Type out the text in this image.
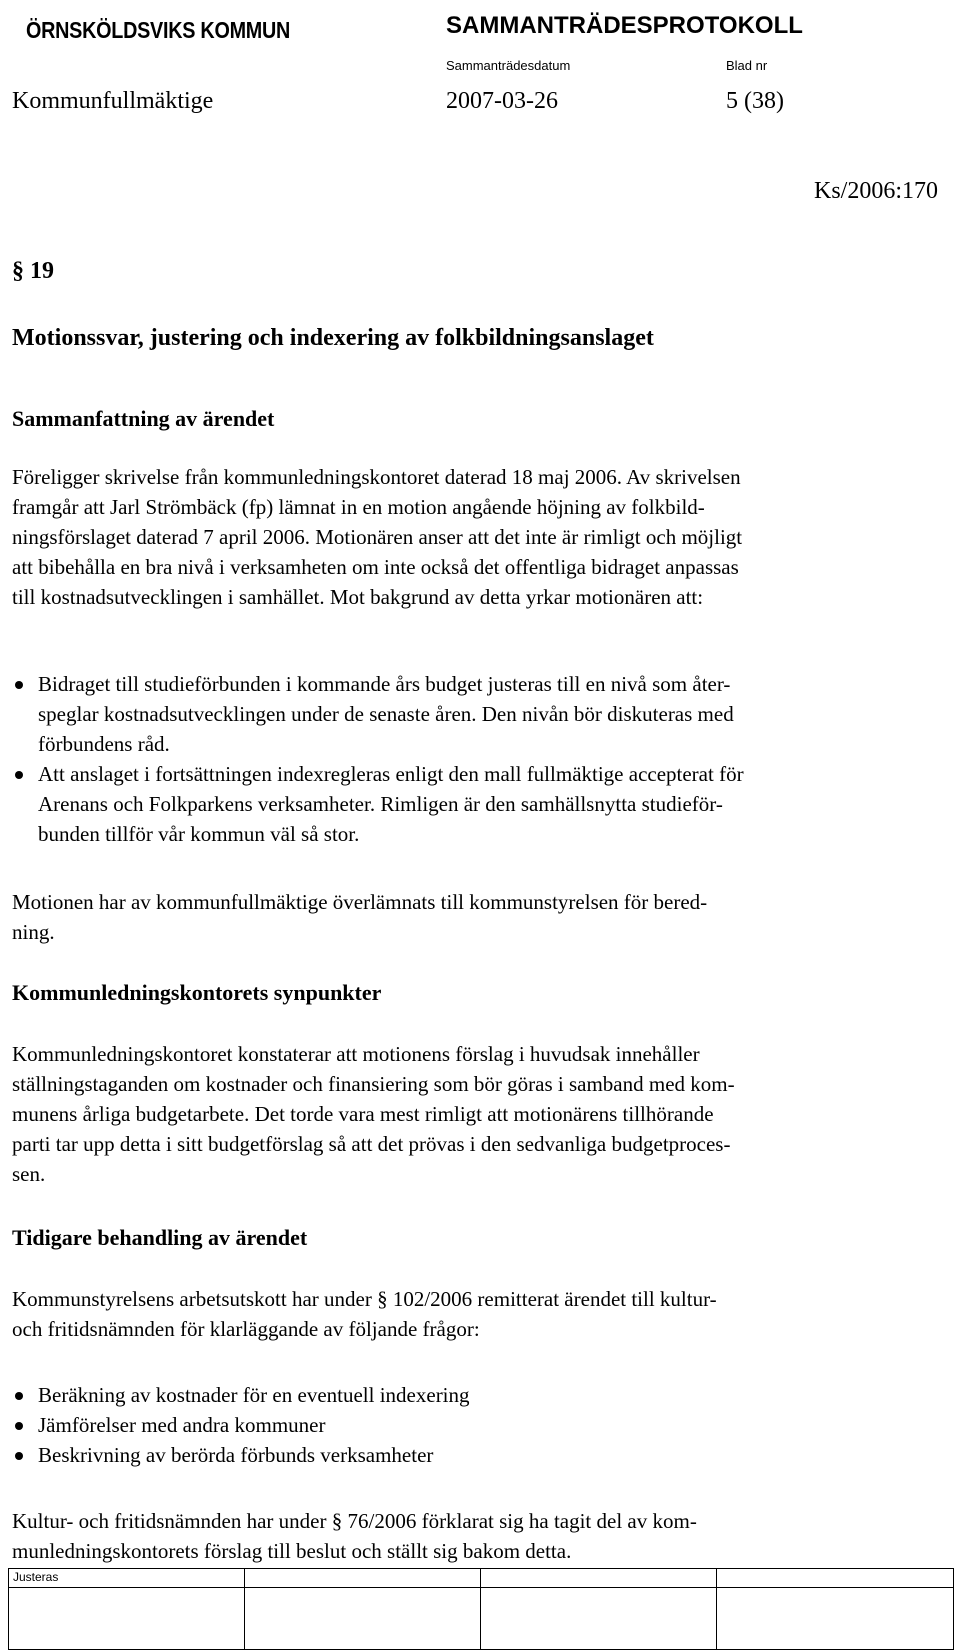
ÖRNSKÖLDSVIKS KOMMUN	SAMMANTRÄDESPROTOKOLL
Sammanträdesdatum	Blad nr
Kommunfullmäktige	2007-03-26	5 (38)
Ks/2006:170
§ 19
Motionssvar, justering och indexering av folkbildningsanslaget
Sammanfattning av ärendet
Föreligger skrivelse från kommunledningskontoret daterad 18 maj 2006. Av skrivelsen
framgår att Jarl Strömbäck (fp) lämnat in en motion angående höjning av folkbild-
ningsförslaget daterad 7 april 2006. Motionären anser att det inte är rimligt och möjligt
att bibehålla en bra nivå i verksamheten om inte också det offentliga bidraget anpassas
till kostnadsutvecklingen i samhället. Mot bakgrund av detta yrkar motionären att:
Bidraget till studieförbunden i kommande års budget justeras till en nivå som åter-
speglar kostnadsutvecklingen under de senaste åren. Den nivån bör diskuteras med
förbundens råd.
Att anslaget i fortsättningen indexregleras enligt den mall fullmäktige accepterat för
Arenans och Folkparkens verksamheter. Rimligen är den samhällsnytta studieför-
bunden tillför vår kommun väl så stor.
Motionen har av kommunfullmäktige överlämnats till kommunstyrelsen för bered-
ning.
Kommunledningskontorets synpunkter
Kommunledningskontoret konstaterar att motionens förslag i huvudsak innehåller
ställningstaganden om kostnader och finansiering som bör göras i samband med kom-
munens årliga budgetarbete. Det torde vara mest rimligt att motionärens tillhörande
parti tar upp detta i sitt budgetförslag så att det prövas i den sedvanliga budgetproces-
sen.
Tidigare behandling av ärendet
Kommunstyrelsens arbetsutskott har under § 102/2006 remitterat ärendet till kultur-
och fritidsnämnden för klarläggande av följande frågor:
Beräkning av kostnader för en eventuell indexering
Jämförelser med andra kommuner
Beskrivning av berörda förbunds verksamheter
Kultur- och fritidsnämnden har under § 76/2006 förklarat sig ha tagit del av kom-
munledningskontorets förslag till beslut och ställt sig bakom detta.
Justeras
